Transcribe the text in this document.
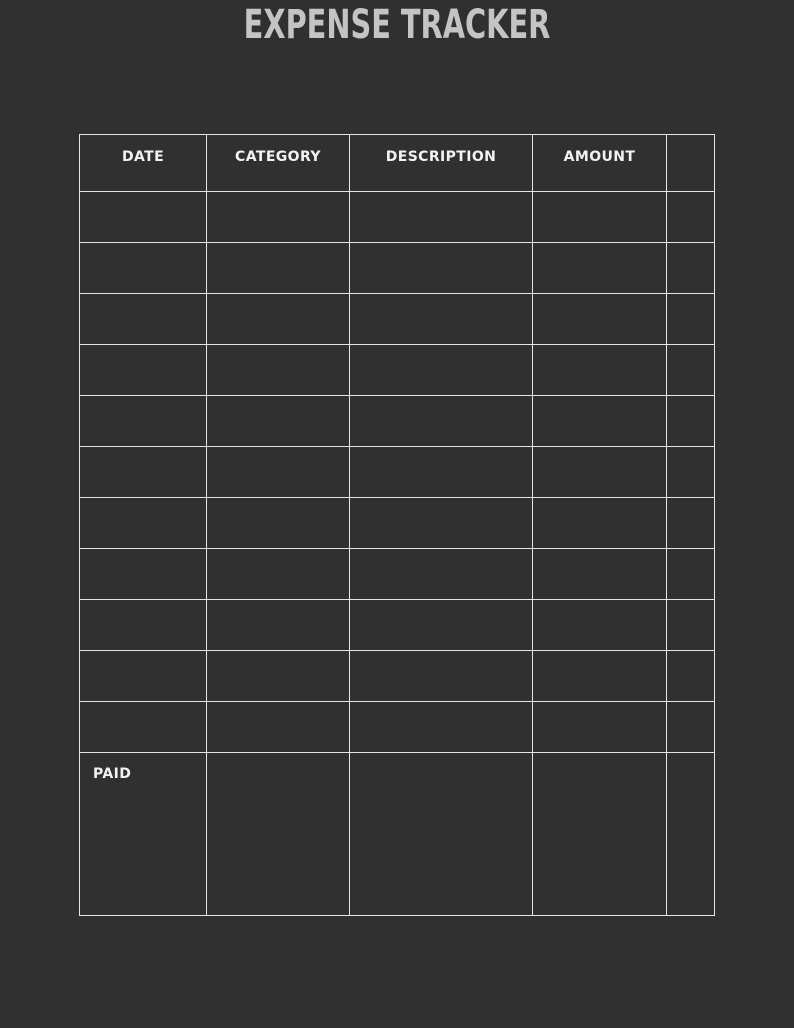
EXPENSE TRACKER
DATE	CATEGORY	DESCRIPTION	AMOUNT	

PAID				
